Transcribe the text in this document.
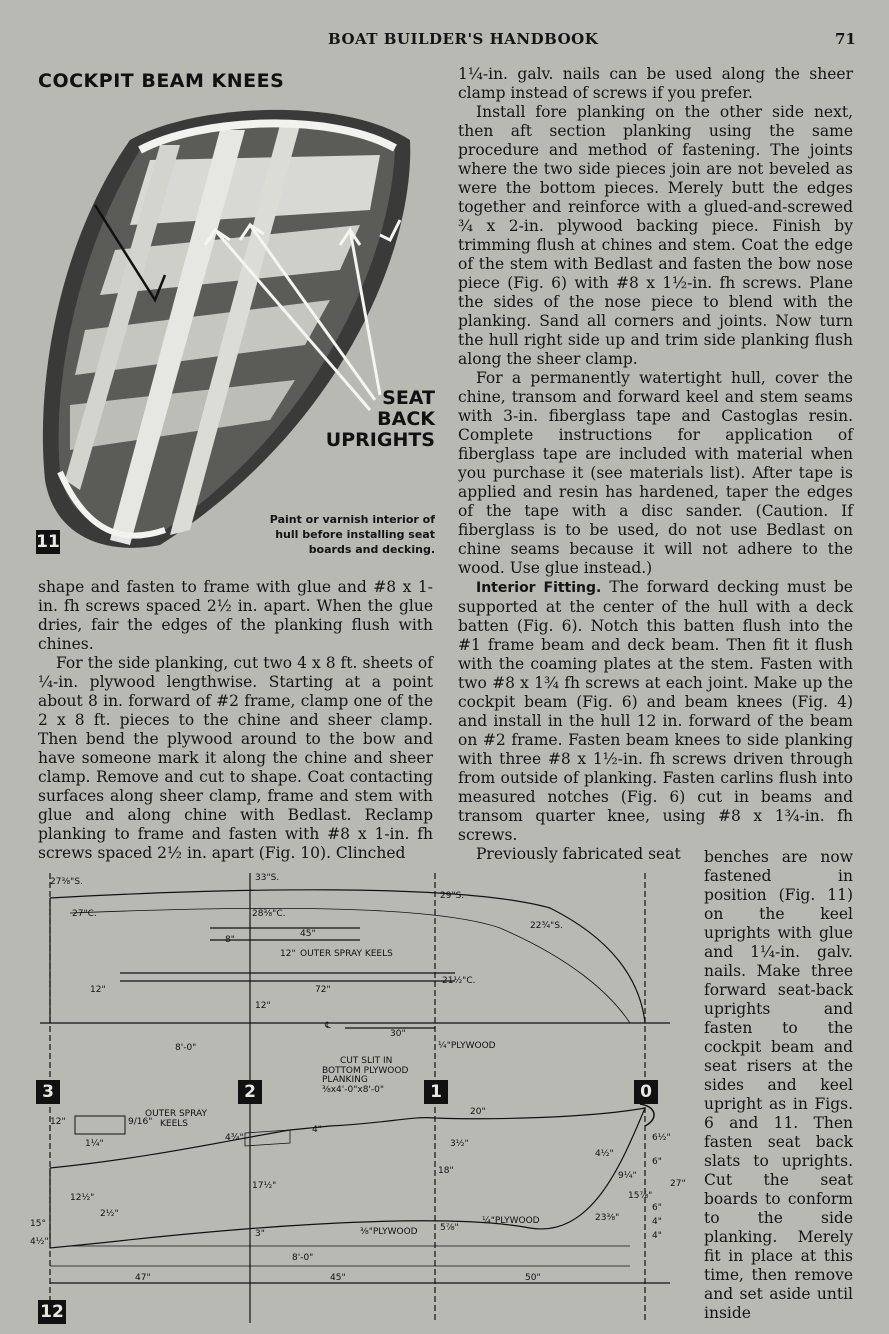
BOAT BUILDER'S HANDBOOK	71
COCKPIT BEAM KNEES
SEAT
BACK
UPRIGHTS
Paint or varnish interior of
hull before installing seat
boards and decking.
11

1¼-in. galv. nails can be used along the sheer clamp instead of screws if you prefer.

Install fore planking on the other side next, then aft section planking using the same procedure and method of fastening. The joints where the two side pieces join are not beveled as were the bottom pieces. Merely butt the edges together and reinforce with a glued-and-screwed ¾ x 2-in. plywood backing piece. Finish by trimming flush at chines and stem. Coat the edge of the stem with Bedlast and fasten the bow nose piece (Fig. 6) with #8 x 1½-in. fh screws. Plane the sides of the nose piece to blend with the planking. Sand all corners and joints. Now turn the hull right side up and trim side planking flush along the sheer clamp.

For a permanently watertight hull, cover the chine, transom and forward keel and stem seams with 3-in. fiberglass tape and Castoglas resin. Complete instructions for application of fiberglass tape are included with material when you purchase it (see materials list). After tape is applied and resin has hardened, taper the edges of the tape with a disc sander. (Caution. If fiberglass is to be used, do not use Bedlast on chine seams because it will not adhere to the wood. Use glue instead.)

Interior Fitting. The forward decking must be supported at the center of the hull with a deck batten (Fig. 6). Notch this batten flush into the #1 frame beam and deck beam. Then fit it flush with the coaming plates at the stem. Fasten with two #8 x 1¾ fh screws at each joint. Make up the cockpit beam (Fig. 6) and beam knees (Fig. 4) and install in the hull 12 in. forward of the beam on #2 frame. Fasten beam knees to side planking with three #8 x 1½-in. fh screws driven through from outside of planking. Fasten carlins flush into measured notches (Fig. 6) cut in beams and transom quarter knee, using #8 x 1¾-in. fh screws.

Previously fabricated seat

shape and fasten to frame with glue and #8 x 1-in. fh screws spaced 2½ in. apart. When the glue dries, fair the edges of the planking flush with chines.

For the side planking, cut two 4 x 8 ft. sheets of ¼-in. plywood lengthwise. Starting at a point about 8 in. forward of #2 frame, clamp one of the 2 x 8 ft. pieces to the chine and sheer clamp. Then bend the plywood around to the bow and have someone mark it along the chine and sheer clamp. Remove and cut to shape. Coat contacting surfaces along sheer clamp, frame and stem with glue and along chine with Bedlast. Reclamp planking to frame and fasten with #8 x 1-in. fh screws spaced 2½ in. apart (Fig. 10). Clinched	benches are now fastened in position (Fig. 11) on the keel uprights with glue and 1¼-in. galv. nails. Make three forward seat-back uprights and fasten to the cockpit beam and seat risers at the sides and keel upright as in Figs. 6 and 11. Then fasten seat back slats to uprights. Cut the seat boards to conform to the side planking. Merely fit in place at this time, then remove and set aside until inside

27⅜"S.	33"S.
29"S.
27"C.	28⅜"C.
22¾"S.
45"
8"
12" OUTER SPRAY KEELS
12"	72"
21½"C.
12"
℄
30"
8'-0"	¼"PLYWOOD
CUT SLIT IN
BOTTOM PLYWOOD
PLANKING
⅜x4'-0"x8'-0"
12"	9/16"
OUTER SPRAY
KEELS
1¼"
4¾"
4"
20"
3½"
6½"
4½"
6"
9¼"
27"
18"
17½"
12½"
2½"
15°
4½"
3"	⅜"PLYWOOD 5⅞"
¼"PLYWOOD
15⅞"
23⅜"
6"
4"
4"
8'-0"
47"	45"	50"
3	2	1	0
12
